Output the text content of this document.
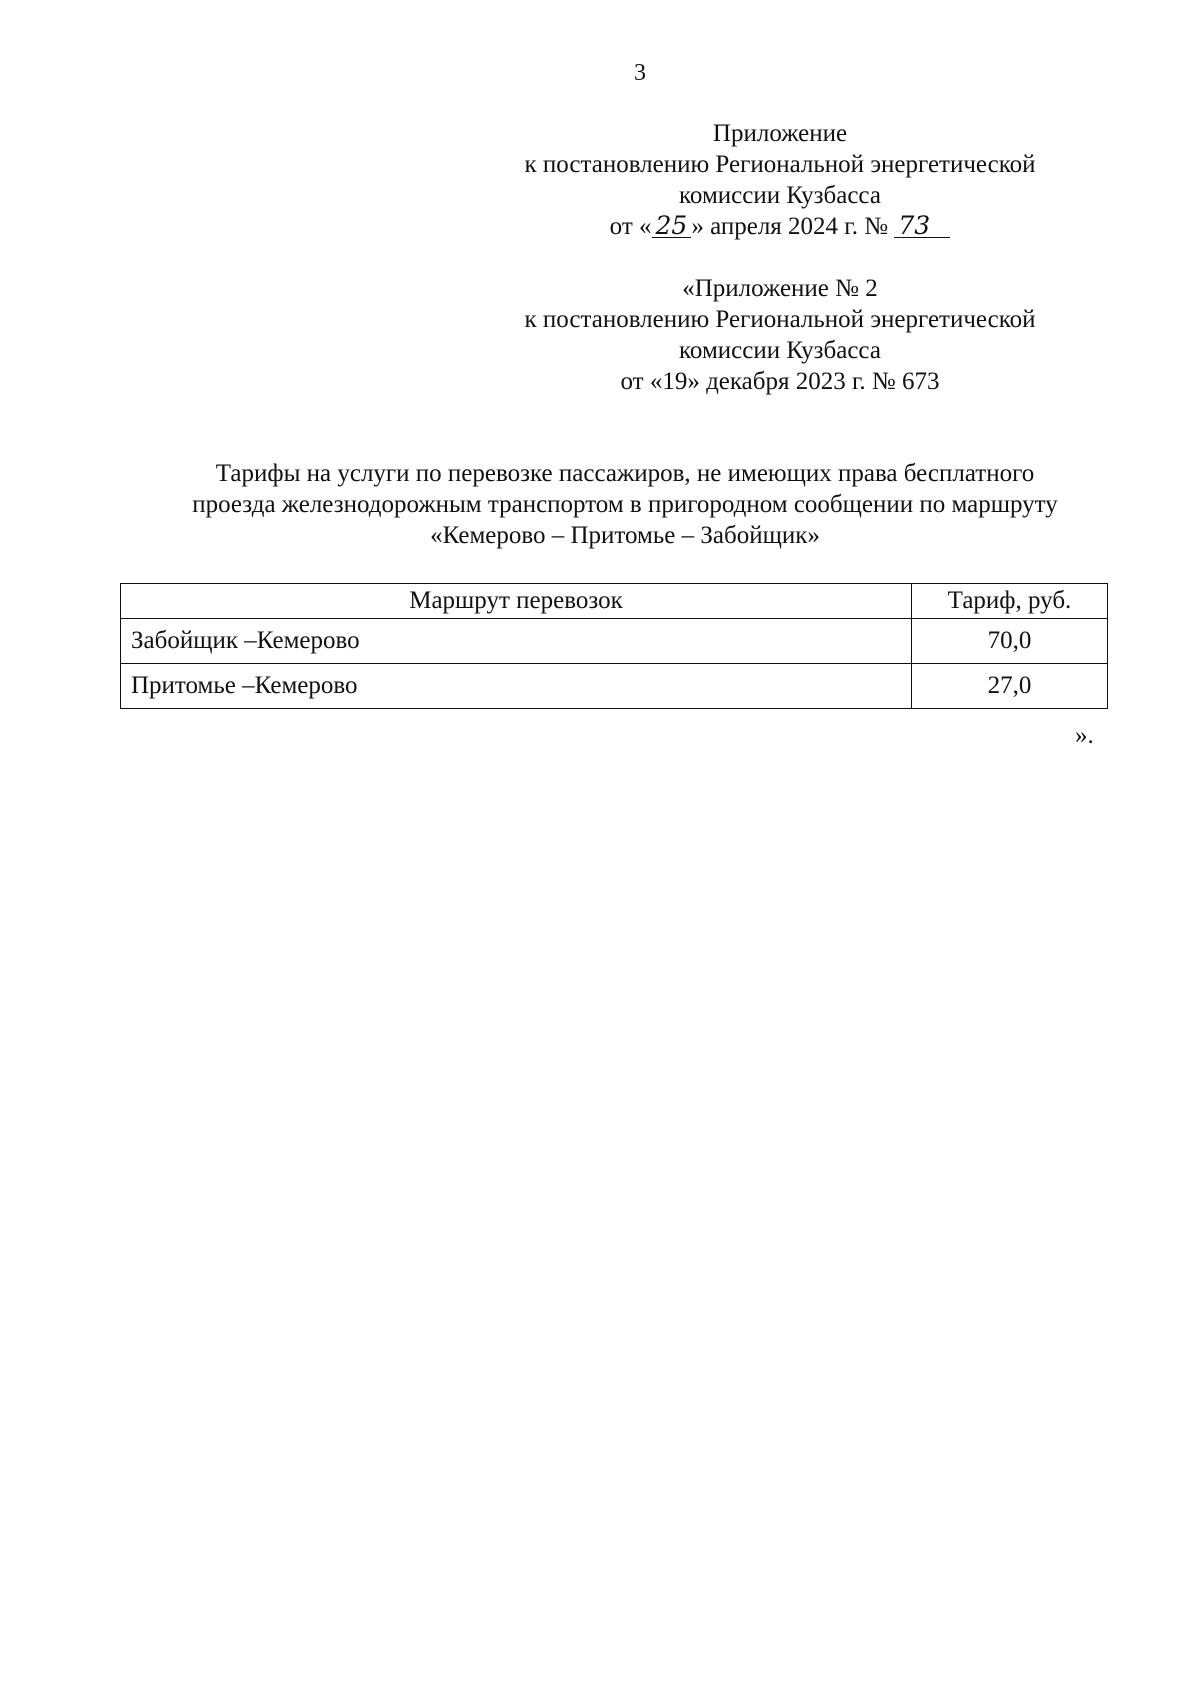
3
Приложение
к постановлению Региональной энергетической
комиссии Кузбасса
от « 25 » апреля 2024 г. № 73
«Приложение № 2
к постановлению Региональной энергетической
комиссии Кузбасса
от «19» декабря 2023 г. № 673
Тарифы на услуги по перевозке пассажиров, не имеющих права бесплатного
проезда железнодорожным транспортом в пригородном сообщении по маршруту
«Кемерово – Притомье – Забойщик»
Маршрут перевозок	Тариф, руб.
Забойщик –Кемерово	70,0
Притомье –Кемерово	27,0
».
